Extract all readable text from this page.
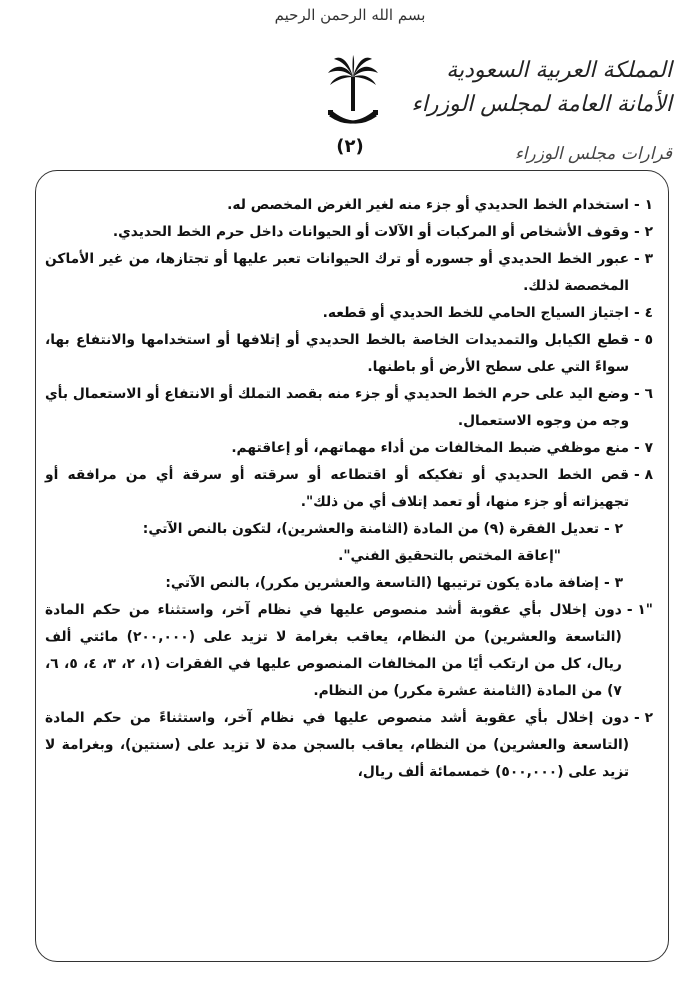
بسم الله الرحمن الرحيم
المملكة العربية السعودية
الأمانة العامة لمجلس الوزراء
قرارات مجلس الوزراء
(٢)
١ -
استخدام الخط الحديدي أو جزء منه لغير الغرض المخصص له.
٢ -
وقوف الأشخاص أو المركبات أو الآلات أو الحيوانات داخل حرم الخط الحديدي.
٣ -
عبور الخط الحديدي أو جسوره أو ترك الحيوانات تعبر عليها أو تجتازها، من غير الأماكن المخصصة لذلك.
٤ -
اجتياز السياج الحامي للخط الحديدي أو قطعه.
٥ -
قطع الكيابل والتمديدات الخاصة بالخط الحديدي أو إتلافها أو استخدامها والانتفاع بها، سواءً التي على سطح الأرض أو باطنها.
٦ -
وضع اليد على حرم الخط الحديدي أو جزء منه بقصد التملك أو الانتفاع أو الاستعمال بأي وجه من وجوه الاستعمال.
٧ -
منع موظفي ضبط المخالفات من أداء مهماتهم، أو إعاقتهم.
٨ -
قص الخط الحديدي أو تفكيكه أو اقتطاعه أو سرقته أو سرقة أي من مرافقه أو تجهيزاته أو جزء منها، أو تعمد إتلاف أي من ذلك".
٢ -
تعديل الفقرة (٩) من المادة (الثامنة والعشرين)، لتكون بالنص الآتي:
"إعاقة المختص بالتحقيق الفني".
٣ -
إضافة مادة يكون ترتيبها (التاسعة والعشرين مكرر)، بالنص الآتي:
"١ -
دون إخلال بأي عقوبة أشد منصوص عليها في نظام آخر، واستثناء من حكم المادة (التاسعة والعشرين) من النظام، يعاقب بغرامة لا تزيد على (٢٠٠,٠٠٠) مائتي ألف ريال، كل من ارتكب أيًا من المخالفات المنصوص عليها في الفقرات (١، ٢، ٣، ٤، ٥، ٦، ٧) من المادة (الثامنة عشرة مكرر) من النظام.
٢ -
دون إخلال بأي عقوبة أشد منصوص عليها في نظام آخر، واستثناءً من حكم المادة (التاسعة والعشرين) من النظام، يعاقب بالسجن مدة لا تزيد على (سنتين)، وبغرامة لا تزيد على (٥٠٠,٠٠٠) خمسمائة ألف ريال،
